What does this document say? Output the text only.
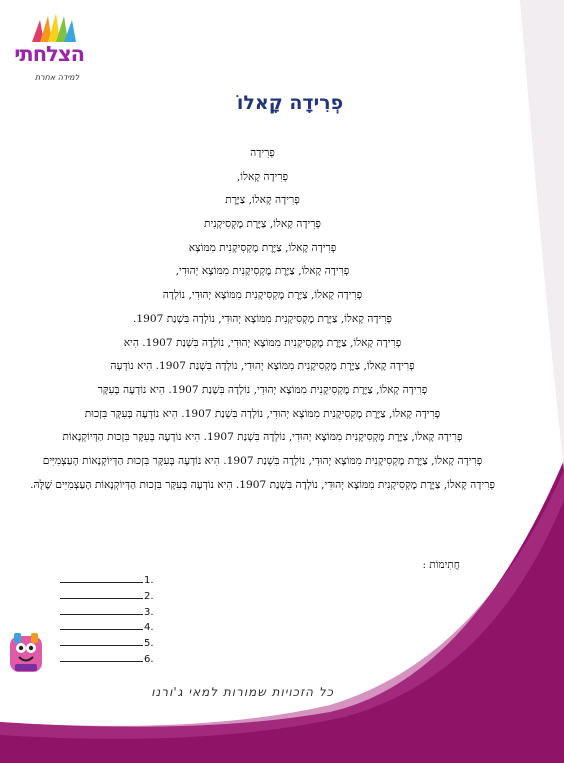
הצלחתי
למידה אחרת
פְרִידָה קָאלוֹ
פְרִידָה
פְרִידָה קָאלוֹ,
פְרִידָה קָאלוֹ, צַיֶּרֶת
פְרִידָה קָאלוֹ, צַיֶּרֶת מֶקְסִיקָנִית
פְרִידָה קָאלוֹ, צַיֶּרֶת מֶקְסִיקָנִית מִמּוֹצָא
פְרִידָה קָאלוֹ, צַיֶּרֶת מֶקְסִיקָנִית מִמּוֹצָא יְהוּדִי,
פְרִידָה קָאלוֹ, צַיֶּרֶת מֶקְסִיקָנִית מִמּוֹצָא יְהוּדִי, נוֹלְדָה
פְרִידָה קָאלוֹ, צַיֶּרֶת מֶקְסִיקָנִית מִמּוֹצָא יְהוּדִי, נוֹלְדָה בִּשְׁנַת 1907.
פְרִידָה קָאלוֹ, צַיֶּרֶת מֶקְסִיקָנִית מִמּוֹצָא יְהוּדִי, נוֹלְדָה בִּשְׁנַת 1907. הִיא
פְרִידָה קָאלוֹ, צַיֶּרֶת מֶקְסִיקָנִית מִמּוֹצָא יְהוּדִי, נוֹלְדָה בִּשְׁנַת 1907. הִיא נוֹדְעָה
פְרִידָה קָאלוֹ, צַיֶּרֶת מֶקְסִיקָנִית מִמּוֹצָא יְהוּדִי, נוֹלְדָה בִּשְׁנַת 1907. הִיא נוֹדְעָה בְּעִקָּר
פְרִידָה קָאלוֹ, צַיֶּרֶת מֶקְסִיקָנִית מִמּוֹצָא יְהוּדִי, נוֹלְדָה בִּשְׁנַת 1907. הִיא נוֹדְעָה בְּעִקָּר בִּזְכוּת
פְרִידָה קָאלוֹ, צַיֶּרֶת מֶקְסִיקָנִית מִמּוֹצָא יְהוּדִי, נוֹלְדָה בִּשְׁנַת 1907. הִיא נוֹדְעָה בְּעִקָּר בִּזְכוּת הַדְּיוֹקְנָאוֹת
פְרִידָה קָאלוֹ, צַיֶּרֶת מֶקְסִיקָנִית מִמּוֹצָא יְהוּדִי, נוֹלְדָה בִּשְׁנַת 1907. הִיא נוֹדְעָה בְּעִקָּר בִּזְכוּת הַדְּיוֹקְנָאוֹת הָעַצְמִיִּים
פְרִידָה קָאלוֹ, צַיֶּרֶת מֶקְסִיקָנִית מִמּוֹצָא יְהוּדִי, נוֹלְדָה בִּשְׁנַת 1907. הִיא נוֹדְעָה בְּעִקָּר בִּזְכוּת הַדְּיוֹקְנָאוֹת הָעַצְמִיִּים שֶׁלָּהּ.
חֲתִימוֹת :
1.
2.
3.
4.
5.
6.
כל הזכויות שמורות למאי ג'ורנו
